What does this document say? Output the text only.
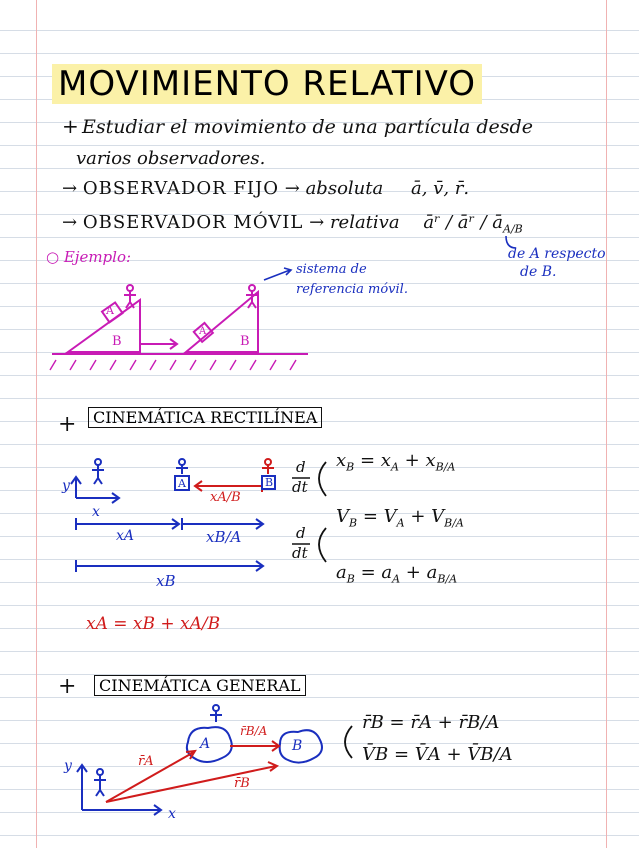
MOVIMIENTO RELATIVO
+ Estudiar el movimiento de una partícula desde
varios observadores.
→ OBSERVADOR FIJO → absoluta ā, v̄, r̄.
→ OBSERVADOR MÓVIL → relativa āʳ / āʳ / $ā_{A/B}$
de A respecto
de B.
○ Ejemplo:
sistema de
referencia móvil.
A
B
A
B
+	CINEMÁTICA RECTILÍNEA
y
x
A	B
xA/B
xA	xB/A
xB
d
dt
d
dt
$x_B = x_A + x_{B/A}$
$V_B = V_A + V_{B/A}$
$a_B = a_A + a_{B/A}$
xA = xB + xA/B
+	CINEMÁTICA GENERAL
y
x
A	B
r̄A
r̄B
r̄B/A	r̄B = r̄A + r̄B/A
V̄B = V̄A + V̄B/A
